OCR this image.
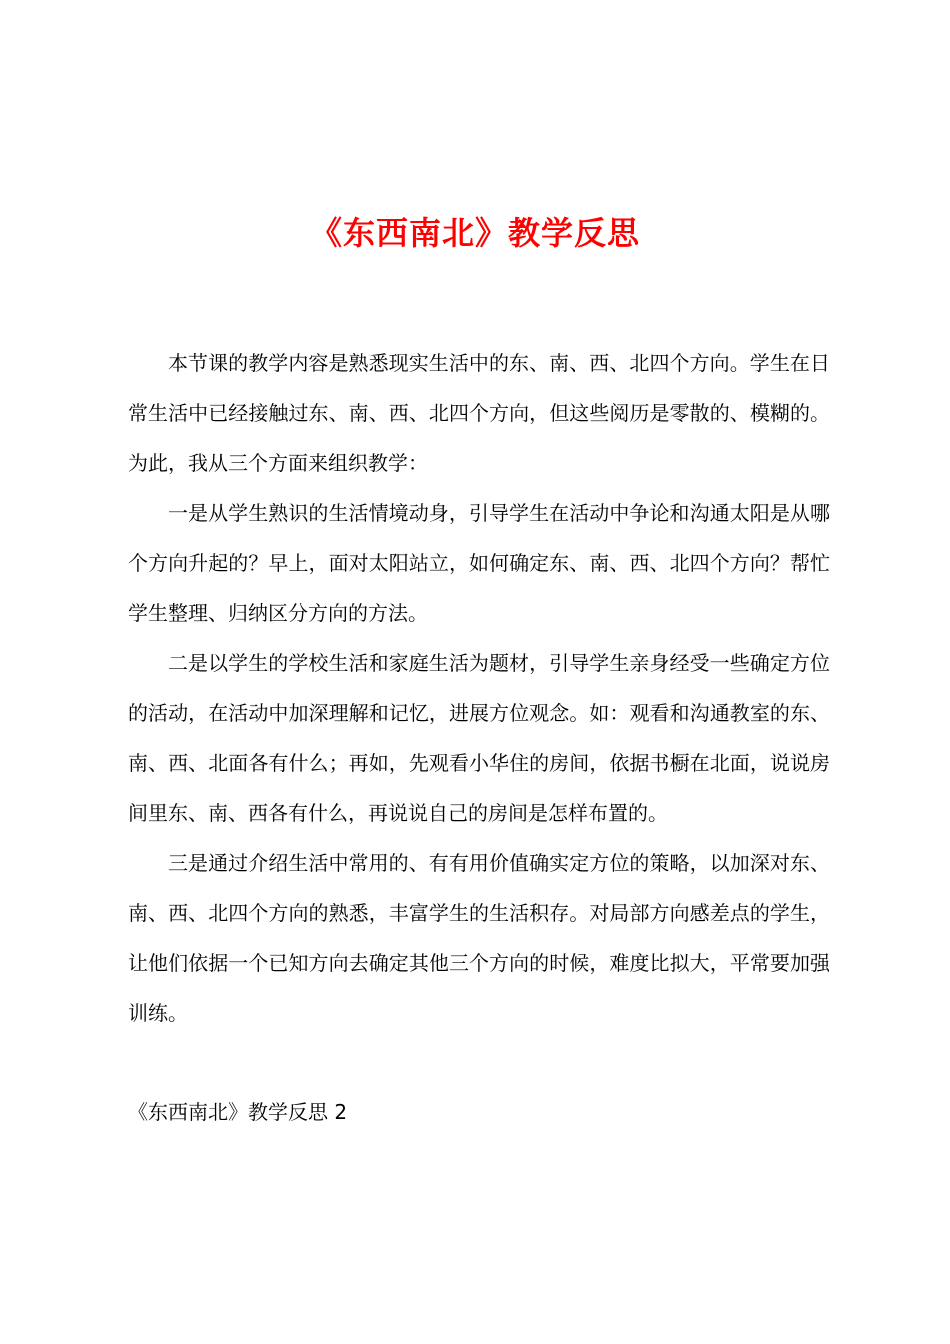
《东西南北》教学反思

本节课的教学内容是熟悉现实生活中的东、南、西、北四个方向。学生在日常生活中已经接触过东、南、西、北四个方向，但这些阅历是零散的、模糊的。为此，我从三个方面来组织教学：

一是从学生熟识的生活情境动身，引导学生在活动中争论和沟通太阳是从哪个方向升起的？早上，面对太阳站立，如何确定东、南、西、北四个方向？帮忙学生整理、归纳区分方向的方法。

二是以学生的学校生活和家庭生活为题材，引导学生亲身经受一些确定方位的活动，在活动中加深理解和记忆，进展方位观念。如：观看和沟通教室的东、南、西、北面各有什么；再如，先观看小华住的房间，依据书橱在北面，说说房间里东、南、西各有什么，再说说自己的房间是怎样布置的。

三是通过介绍生活中常用的、有有用价值确实定方位的策略，以加深对东、南、西、北四个方向的熟悉，丰富学生的生活积存。对局部方向感差点的学生，让他们依据一个已知方向去确定其他三个方向的时候，难度比拟大，平常要加强训练。

《东西南北》教学反思 2
